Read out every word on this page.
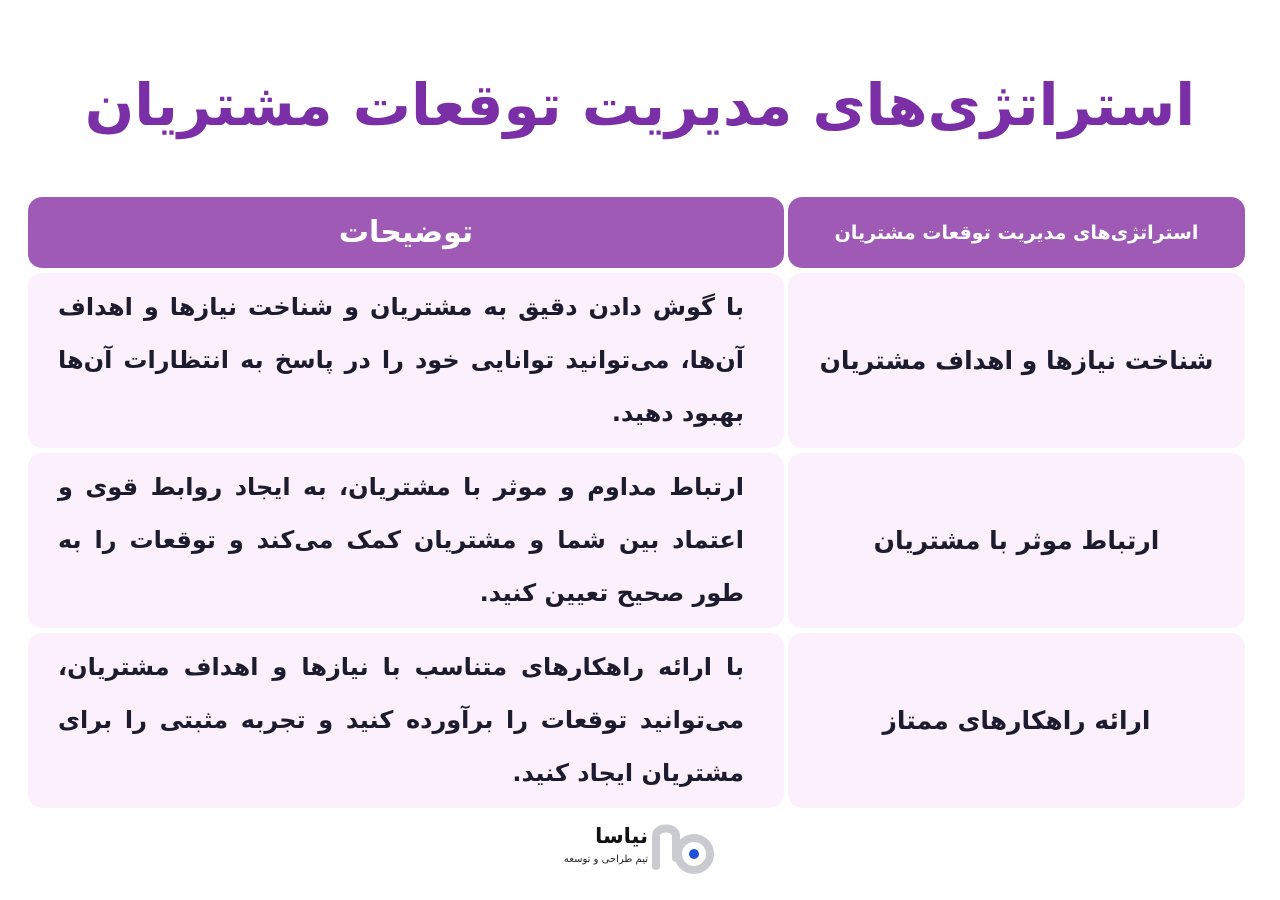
استراتژی‌های مدیریت توقعات مشتریان
توضیحات	استراتژی‌های مدیریت توقعات مشتریان
با گوش دادن دقیق به مشتریان و شناخت نیازها و اهداف آن‌ها، می‌توانید توانایی خود را در پاسخ به انتظارات آن‌ها بهبود دهید.
شناخت نیازها و اهداف مشتریان
ارتباط مداوم و موثر با مشتریان، به ایجاد روابط قوی و اعتماد بین شما و مشتریان کمک می‌کند و توقعات را به طور صحیح تعیین کنید.
ارتباط موثر با مشتریان
با ارائه راهکارهای متناسب با نیازها و اهداف مشتریان، می‌توانید توقعات را برآورده کنید و تجربه مثبتی را برای مشتریان ایجاد کنید.
ارائه راهکارهای ممتاز
نیاسا
تیم طراحی و توسعه
